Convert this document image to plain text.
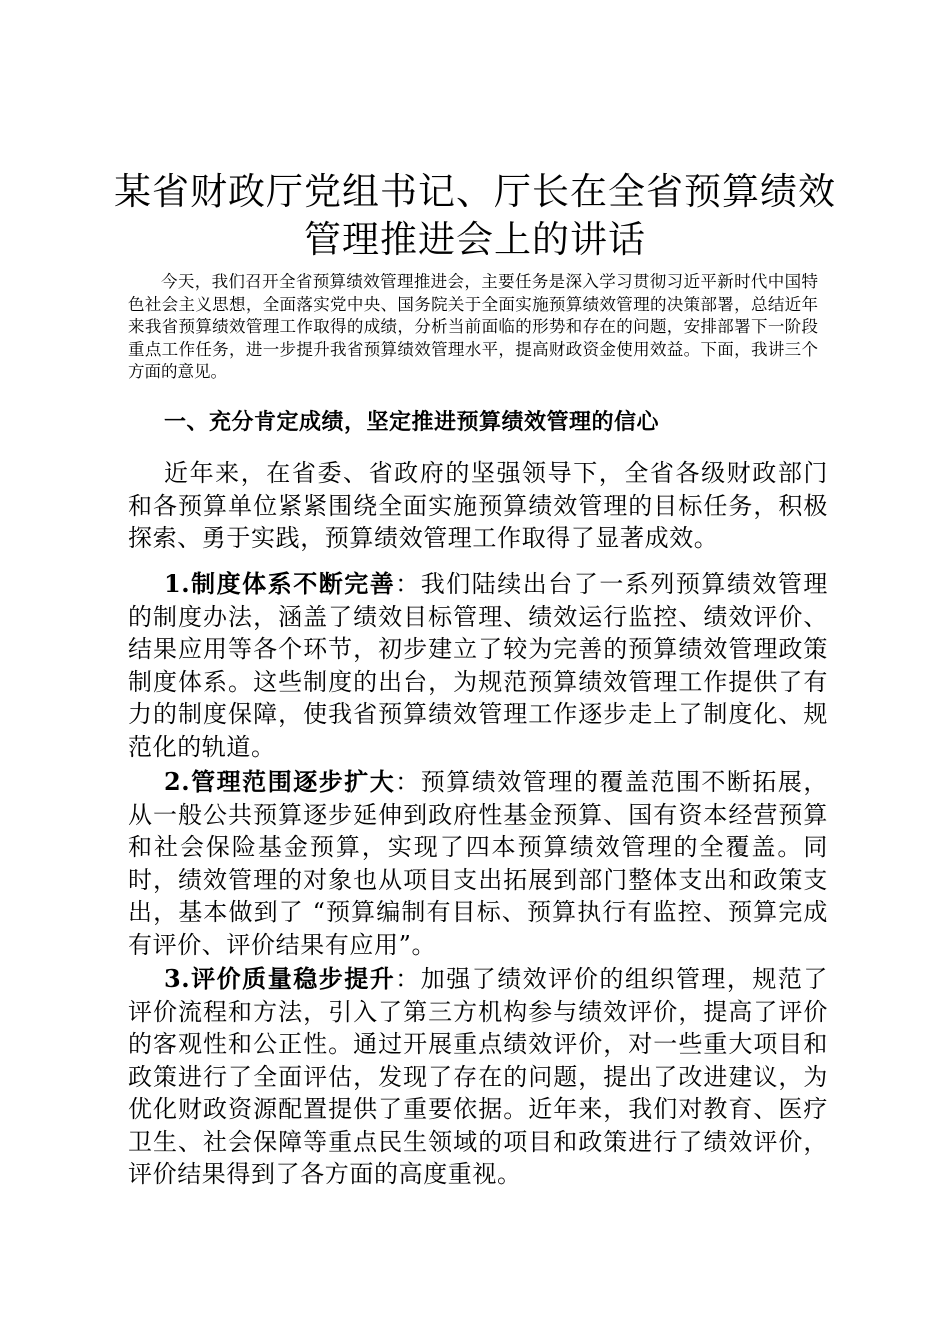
某省财政厅党组书记、厅长在全省预算绩效管理推进会上的讲话

今天，我们召开全省预算绩效管理推进会，主要任务是深入学习贯彻习近平新时代中国特色社会主义思想，全面落实党中央、国务院关于全面实施预算绩效管理的决策部署，总结近年来我省预算绩效管理工作取得的成绩，分析当前面临的形势和存在的问题，安排部署下一阶段重点工作任务，进一步提升我省预算绩效管理水平，提高财政资金使用效益。下面，我讲三个方面的意见。

一、充分肯定成绩，坚定推进预算绩效管理的信心

近年来，在省委、省政府的坚强领导下，全省各级财政部门和各预算单位紧紧围绕全面实施预算绩效管理的目标任务，积极探索、勇于实践，预算绩效管理工作取得了显著成效。

1.制度体系不断完善：我们陆续出台了一系列预算绩效管理的制度办法，涵盖了绩效目标管理、绩效运行监控、绩效评价、结果应用等各个环节，初步建立了较为完善的预算绩效管理政策制度体系。这些制度的出台，为规范预算绩效管理工作提供了有力的制度保障，使我省预算绩效管理工作逐步走上了制度化、规范化的轨道。

2.管理范围逐步扩大：预算绩效管理的覆盖范围不断拓展，从一般公共预算逐步延伸到政府性基金预算、国有资本经营预算和社会保险基金预算，实现了四本预算绩效管理的全覆盖。同时，绩效管理的对象也从项目支出拓展到部门整体支出和政策支出，基本做到了 “预算编制有目标、预算执行有监控、预算完成有评价、评价结果有应用”。

3.评价质量稳步提升：加强了绩效评价的组织管理，规范了评价流程和方法，引入了第三方机构参与绩效评价，提高了评价的客观性和公正性。通过开展重点绩效评价，对一些重大项目和政策进行了全面评估，发现了存在的问题，提出了改进建议，为优化财政资源配置提供了重要依据。近年来，我们对教育、医疗卫生、社会保障等重点民生领域的项目和政策进行了绩效评价，评价结果得到了各方面的高度重视。
